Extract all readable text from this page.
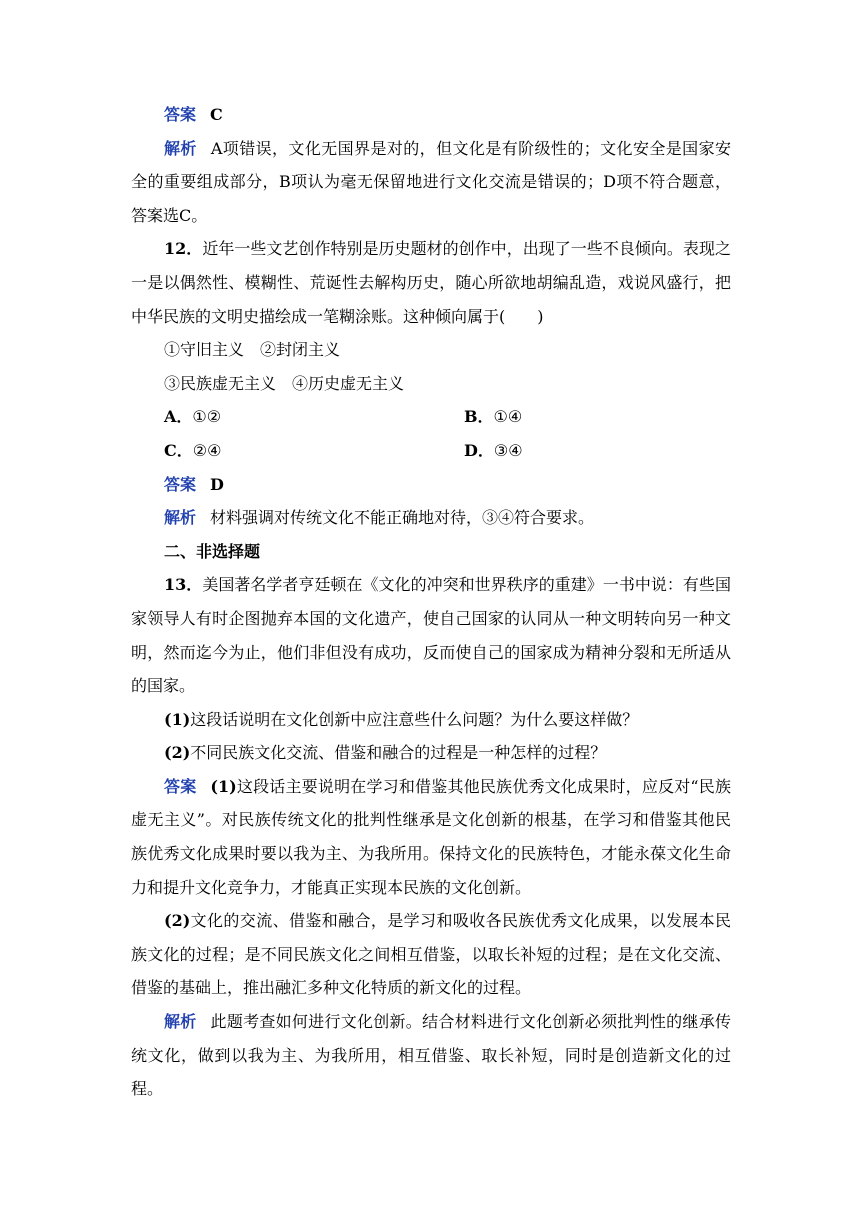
答案 C

解析 A项错误，文化无国界是对的，但文化是有阶级性的；文化安全是国家安全的重要组成部分，B项认为毫无保留地进行文化交流是错误的；D项不符合题意，答案选C。

12．近年一些文艺创作特别是历史题材的创作中，出现了一些不良倾向。表现之一是以偶然性、模糊性、荒诞性去解构历史，随心所欲地胡编乱造，戏说风盛行，把中华民族的文明史描绘成一笔糊涂账。这种倾向属于(　　)

①守旧主义　②封闭主义

③民族虚无主义　④历史虚无主义

A．①②	B．①④
C．②④	D．③④

答案 D

解析 材料强调对传统文化不能正确地对待，③④符合要求。

二、非选择题

13．美国著名学者亨廷顿在《文化的冲突和世界秩序的重建》一书中说：有些国家领导人有时企图抛弃本国的文化遗产，使自己国家的认同从一种文明转向另一种文明，然而迄今为止，他们非但没有成功，反而使自己的国家成为精神分裂和无所适从的国家。

(1)这段话说明在文化创新中应注意些什么问题？为什么要这样做？

(2)不同民族文化交流、借鉴和融合的过程是一种怎样的过程？

答案 (1)这段话主要说明在学习和借鉴其他民族优秀文化成果时，应反对“民族虚无主义”。对民族传统文化的批判性继承是文化创新的根基，在学习和借鉴其他民族优秀文化成果时要以我为主、为我所用。保持文化的民族特色，才能永葆文化生命力和提升文化竞争力，才能真正实现本民族的文化创新。

(2)文化的交流、借鉴和融合，是学习和吸收各民族优秀文化成果，以发展本民族文化的过程；是不同民族文化之间相互借鉴，以取长补短的过程；是在文化交流、借鉴的基础上，推出融汇多种文化特质的新文化的过程。

解析 此题考查如何进行文化创新。结合材料进行文化创新必须批判性的继承传统文化，做到以我为主、为我所用，相互借鉴、取长补短，同时是创造新文化的过程。
